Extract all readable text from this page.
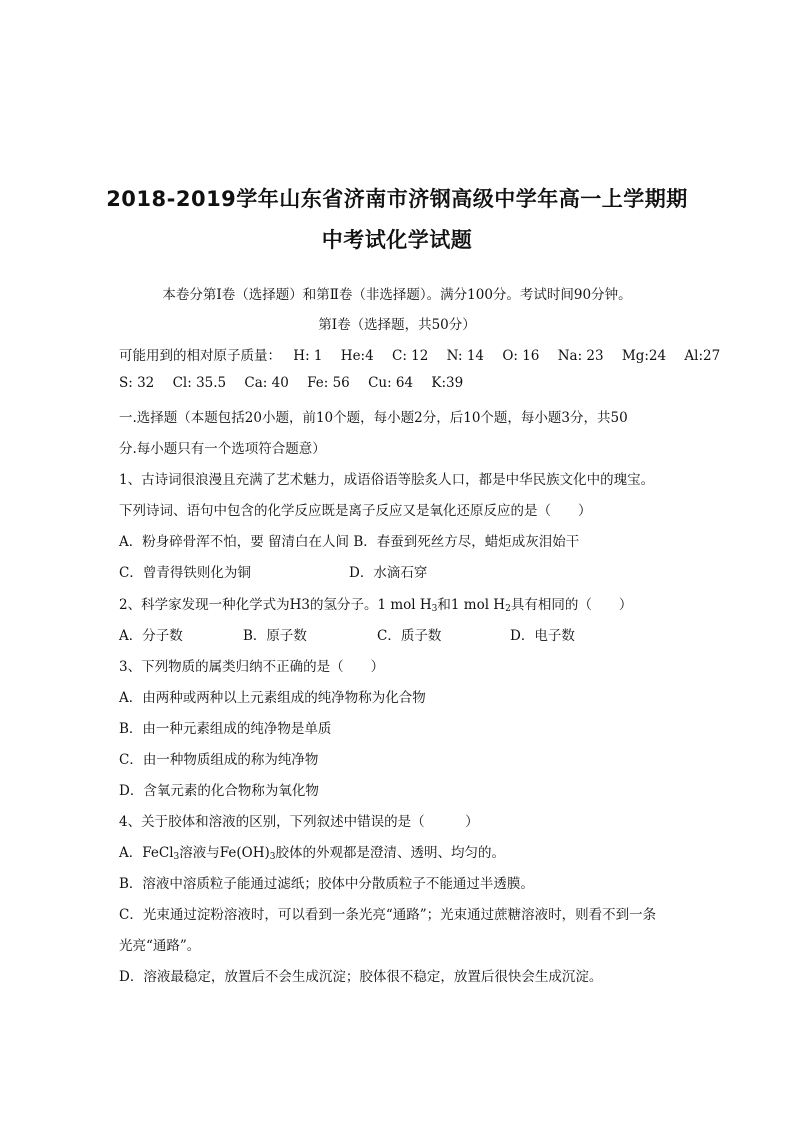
2018-2019学年山东省济南市济钢高级中学年高一上学期期
中考试化学试题
本卷分第Ⅰ卷（选择题）和第Ⅱ卷（非选择题）。满分100分。考试时间90分钟。
第Ⅰ卷（选择题，共50分）
可能用到的相对原子质量： H: 1 He:4 C: 12 N: 14 O: 16 Na: 23 Mg:24 Al:27
S: 32 Cl: 35.5 Ca: 40 Fe: 56 Cu: 64 K:39
一.选择题（本题包括20小题，前10个题，每小题2分，后10个题，每小题3分，共50
分.每小题只有一个选项符合题意）
1、古诗词很浪漫且充满了艺术魅力，成语俗语等脍炙人口，都是中华民族文化中的瑰宝。
下列诗词、语句中包含的化学反应既是离子反应又是氧化还原反应的是（　　）
A．粉身碎骨浑不怕，要 留清白在人间 B．春蚕到死丝方尽，蜡炬成灰泪始干
C．曾青得铁则化为铜	D．水滴石穿
2、科学家发现一种化学式为H3的氢分子。1 mol $H_3$和1 mol $H_2$具有相同的（　　）
A．分子数	B．原子数	C．质子数	D．电子数
3、下列物质的属类归纳不正确的是（　　）
A．由两种或两种以上元素组成的纯净物称为化合物
B．由一种元素组成的纯净物是单质
C．由一种物质组成的称为纯净物
D．含氧元素的化合物称为氧化物
4、关于胶体和溶液的区别，下列叙述中错误的是（　　　）
A．FeCl$_3$溶液与$Fe(OH)_3$胶体的外观都是澄清、透明、均匀的。
B．溶液中溶质粒子能通过滤纸；胶体中分散质粒子不能通过半透膜。
C．光束通过淀粉溶液时，可以看到一条光亮“通路”；光束通过蔗糖溶液时，则看不到一条
光亮“通路”。
D．溶液最稳定，放置后不会生成沉淀；胶体很不稳定，放置后很快会生成沉淀。
